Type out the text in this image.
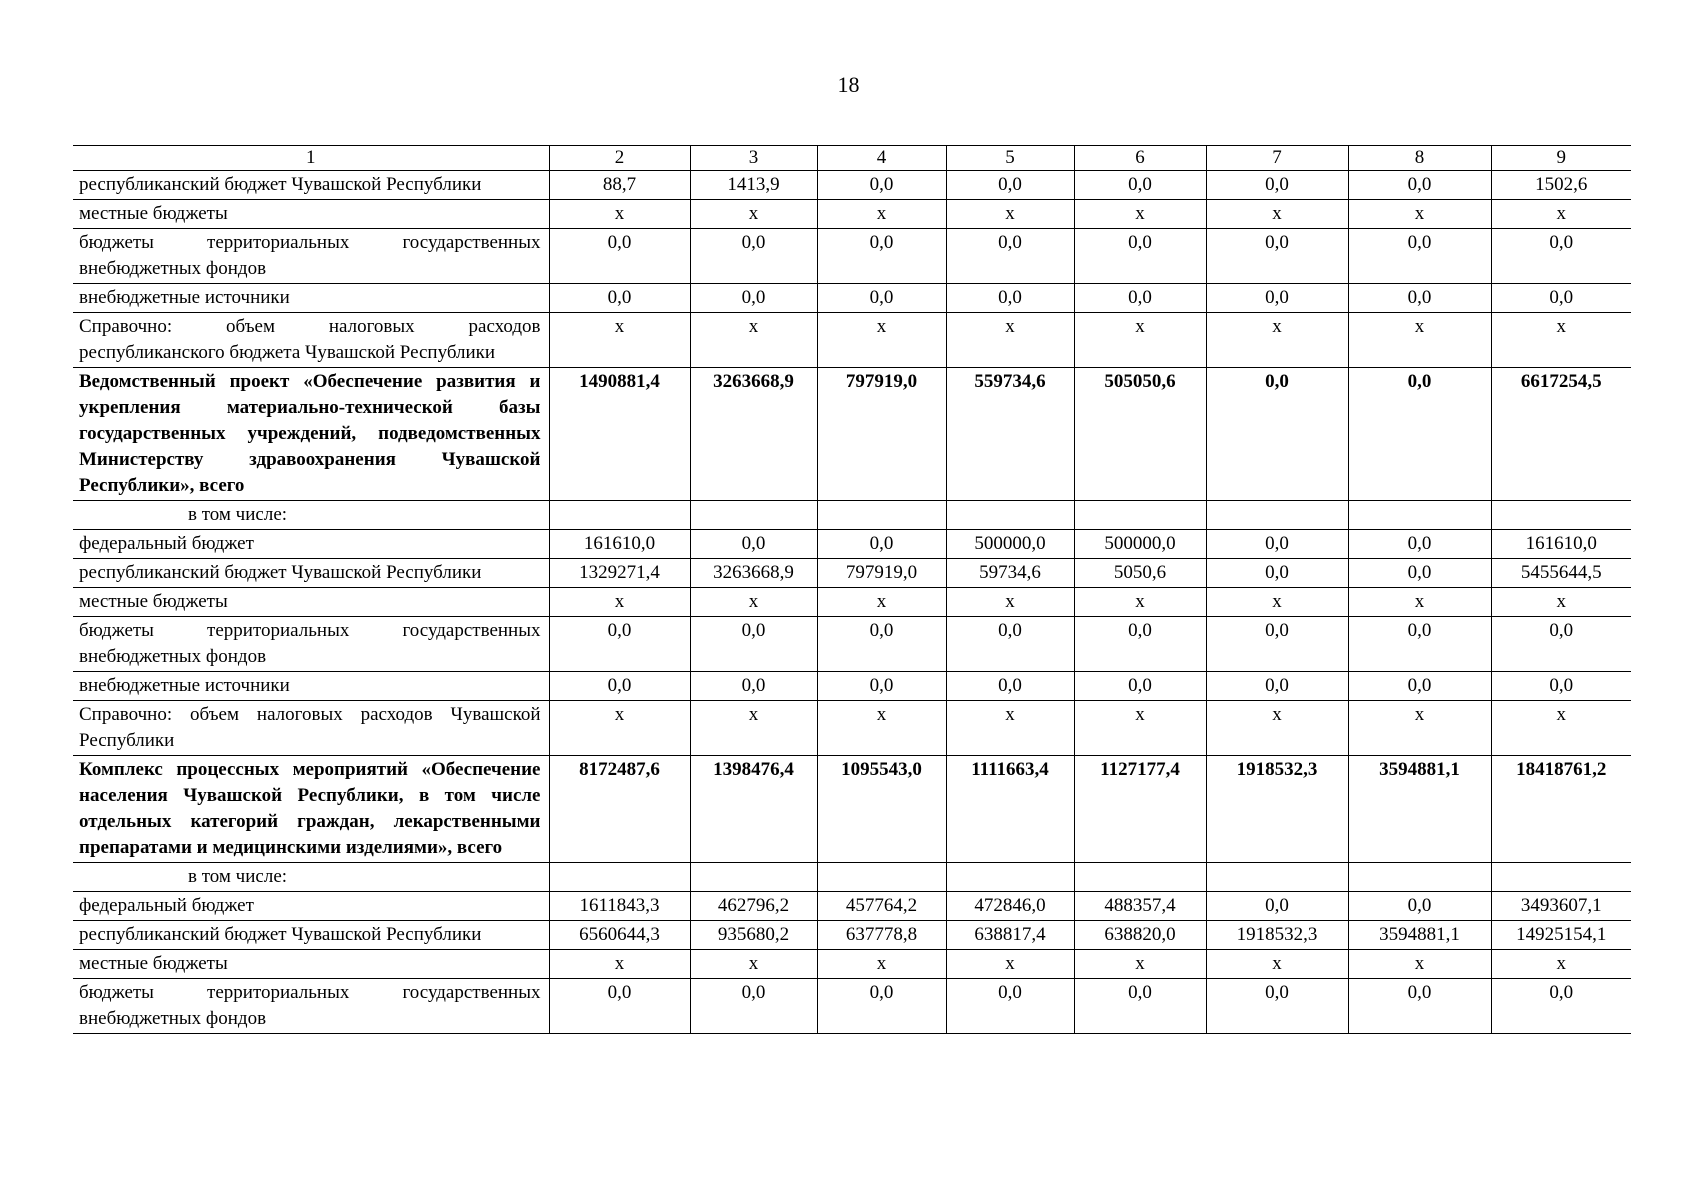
18
1	2	3	4	5	6	7	8	9
республиканский бюджет Чувашской Республики	88,7	1413,9	0,0	0,0	0,0	0,0	0,0	1502,6
местные бюджеты	x	x	x	x	x	x	x	x
бюджеты территориальных государственных внебюджетных фондов	0,0	0,0	0,0	0,0	0,0	0,0	0,0	0,0
внебюджетные источники	0,0	0,0	0,0	0,0	0,0	0,0	0,0	0,0
Справочно: объем налоговых расходов республиканского бюджета Чувашской Республики	x	x	x	x	x	x	x	x
Ведомственный проект «Обеспечение развития и укрепления материально-технической базы государственных учреждений, подведомственных Министерству здравоохранения Чувашской Республики», всего	1490881,4	3263668,9	797919,0	559734,6	505050,6	0,0	0,0	6617254,5
в том числе:								
федеральный бюджет	161610,0	0,0	0,0	500000,0	500000,0	0,0	0,0	161610,0
республиканский бюджет Чувашской Республики	1329271,4	3263668,9	797919,0	59734,6	5050,6	0,0	0,0	5455644,5
местные бюджеты	x	x	x	x	x	x	x	x
бюджеты территориальных государственных внебюджетных фондов	0,0	0,0	0,0	0,0	0,0	0,0	0,0	0,0
внебюджетные источники	0,0	0,0	0,0	0,0	0,0	0,0	0,0	0,0
Справочно: объем налоговых расходов Чувашской Республики	x	x	x	x	x	x	x	x
Комплекс процессных мероприятий «Обеспечение населения Чувашской Республики, в том числе отдельных категорий граждан, лекарственными препаратами и медицинскими изделиями», всего	8172487,6	1398476,4	1095543,0	1111663,4	1127177,4	1918532,3	3594881,1	18418761,2
в том числе:								
федеральный бюджет	1611843,3	462796,2	457764,2	472846,0	488357,4	0,0	0,0	3493607,1
республиканский бюджет Чувашской Республики	6560644,3	935680,2	637778,8	638817,4	638820,0	1918532,3	3594881,1	14925154,1
местные бюджеты	x	x	x	x	x	x	x	x
бюджеты территориальных государственных внебюджетных фондов	0,0	0,0	0,0	0,0	0,0	0,0	0,0	0,0
